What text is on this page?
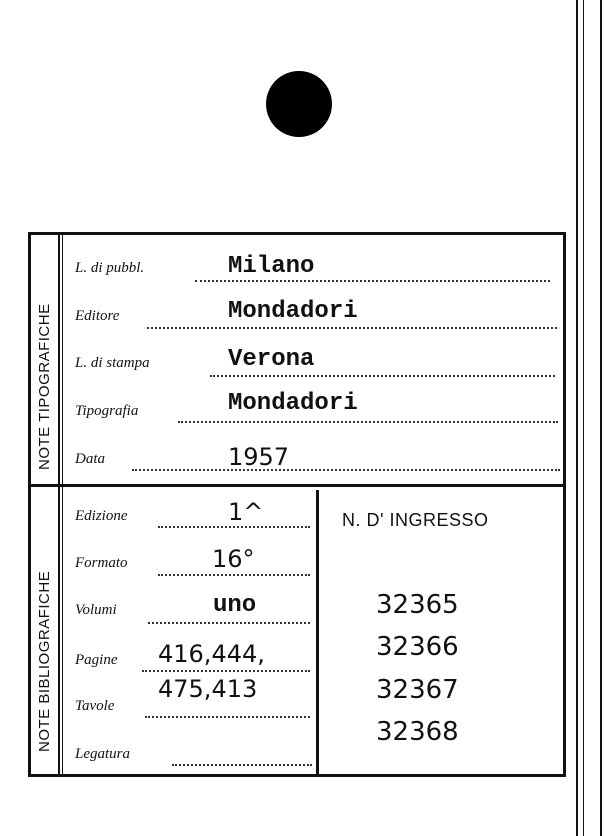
NOTE TIPOGRAFICHE
NOTE BIBLIOGRAFICHE
L. di pubbl.	Milano
Editore	Mondadori
L. di stampa	Verona
Tipografia	Mondadori
Data	1957
Edizione	1^
Formato	16°
Volumi	uno
Pagine 416,444,
Tavole
475,413
Legatura
N. D' INGRESSO
32365
32366
32367
32368
